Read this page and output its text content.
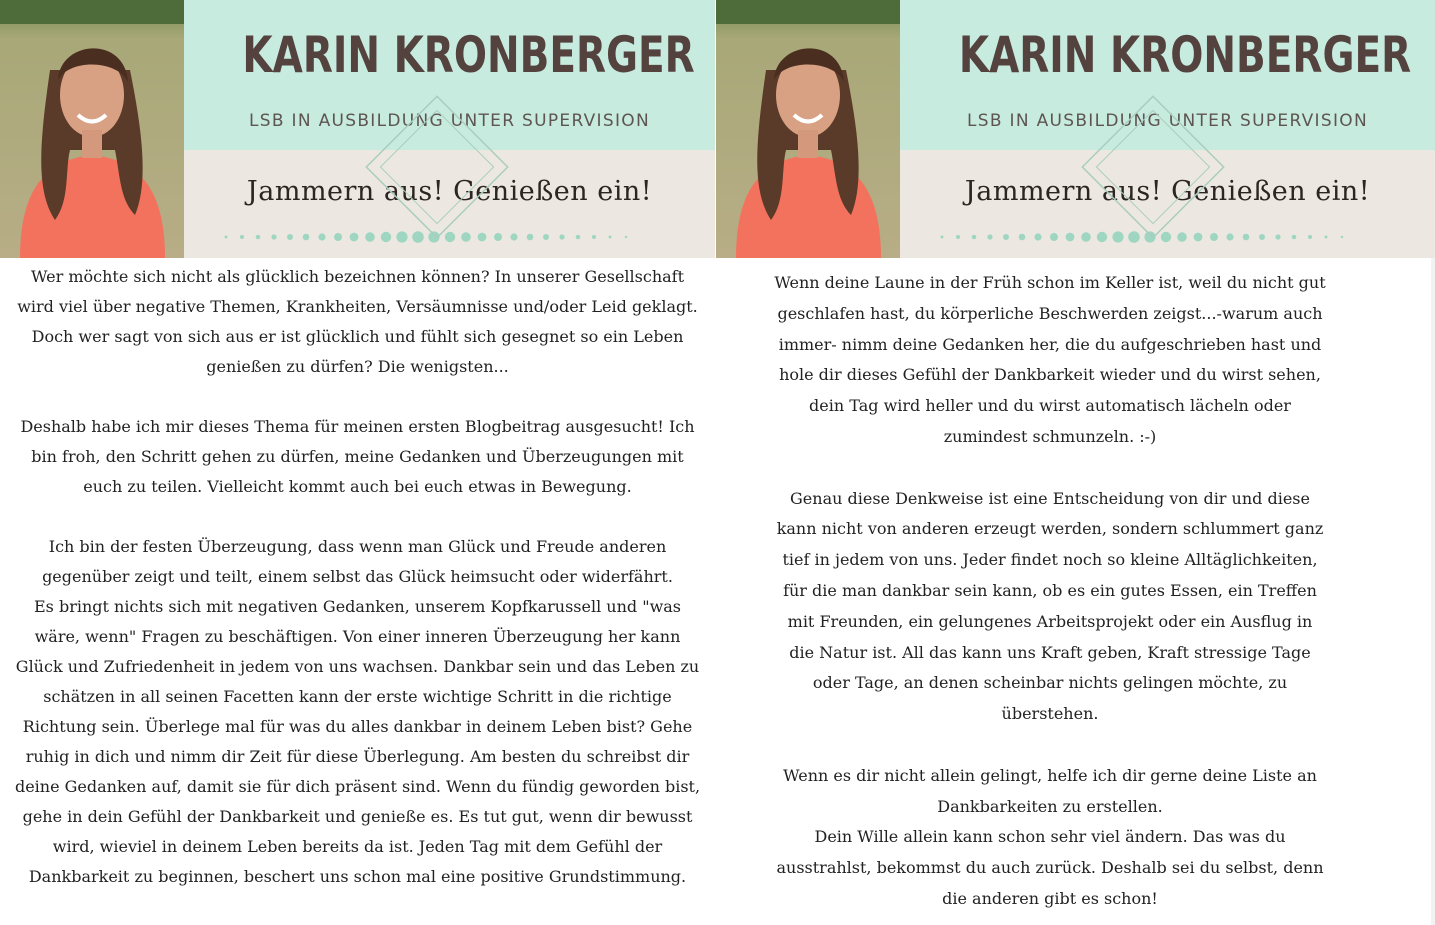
KARIN KRONBERGER
LSB IN AUSBILDUNG UNTER SUPERVISION
Jammern aus! Genießen ein!
KARIN KRONBERGER
LSB IN AUSBILDUNG UNTER SUPERVISION
Jammern aus! Genießen ein!
Wer möchte sich nicht als glücklich bezeichnen können? In unserer Gesellschaft
wird viel über negative Themen, Krankheiten, Versäumnisse und/oder Leid geklagt.
Doch wer sagt von sich aus er ist glücklich und fühlt sich gesegnet so ein Leben
genießen zu dürfen? Die wenigsten...
Deshalb habe ich mir dieses Thema für meinen ersten Blogbeitrag ausgesucht! Ich
bin froh, den Schritt gehen zu dürfen, meine Gedanken und Überzeugungen mit
euch zu teilen. Vielleicht kommt auch bei euch etwas in Bewegung.
Ich bin der festen Überzeugung, dass wenn man Glück und Freude anderen
gegenüber zeigt und teilt, einem selbst das Glück heimsucht oder widerfährt.
Es bringt nichts sich mit negativen Gedanken, unserem Kopfkarussell und "was
wäre, wenn" Fragen zu beschäftigen. Von einer inneren Überzeugung her kann
Glück und Zufriedenheit in jedem von uns wachsen. Dankbar sein und das Leben zu
schätzen in all seinen Facetten kann der erste wichtige Schritt in die richtige
Richtung sein. Überlege mal für was du alles dankbar in deinem Leben bist? Gehe
ruhig in dich und nimm dir Zeit für diese Überlegung. Am besten du schreibst dir
deine Gedanken auf, damit sie für dich präsent sind. Wenn du fündig geworden bist,
gehe in dein Gefühl der Dankbarkeit und genieße es. Es tut gut, wenn dir bewusst
wird, wieviel in deinem Leben bereits da ist. Jeden Tag mit dem Gefühl der
Dankbarkeit zu beginnen, beschert uns schon mal eine positive Grundstimmung.
Wenn deine Laune in der Früh schon im Keller ist, weil du nicht gut
geschlafen hast, du körperliche Beschwerden zeigst...-warum auch
immer- nimm deine Gedanken her, die du aufgeschrieben hast und
hole dir dieses Gefühl der Dankbarkeit wieder und du wirst sehen,
dein Tag wird heller und du wirst automatisch lächeln oder
zumindest schmunzeln. :-)
Genau diese Denkweise ist eine Entscheidung von dir und diese
kann nicht von anderen erzeugt werden, sondern schlummert ganz
tief in jedem von uns. Jeder findet noch so kleine Alltäglichkeiten,
für die man dankbar sein kann, ob es ein gutes Essen, ein Treffen
mit Freunden, ein gelungenes Arbeitsprojekt oder ein Ausflug in
die Natur ist. All das kann uns Kraft geben, Kraft stressige Tage
oder Tage, an denen scheinbar nichts gelingen möchte, zu
überstehen.
Wenn es dir nicht allein gelingt, helfe ich dir gerne deine Liste an
Dankbarkeiten zu erstellen.
Dein Wille allein kann schon sehr viel ändern. Das was du
ausstrahlst, bekommst du auch zurück. Deshalb sei du selbst, denn
die anderen gibt es schon!
